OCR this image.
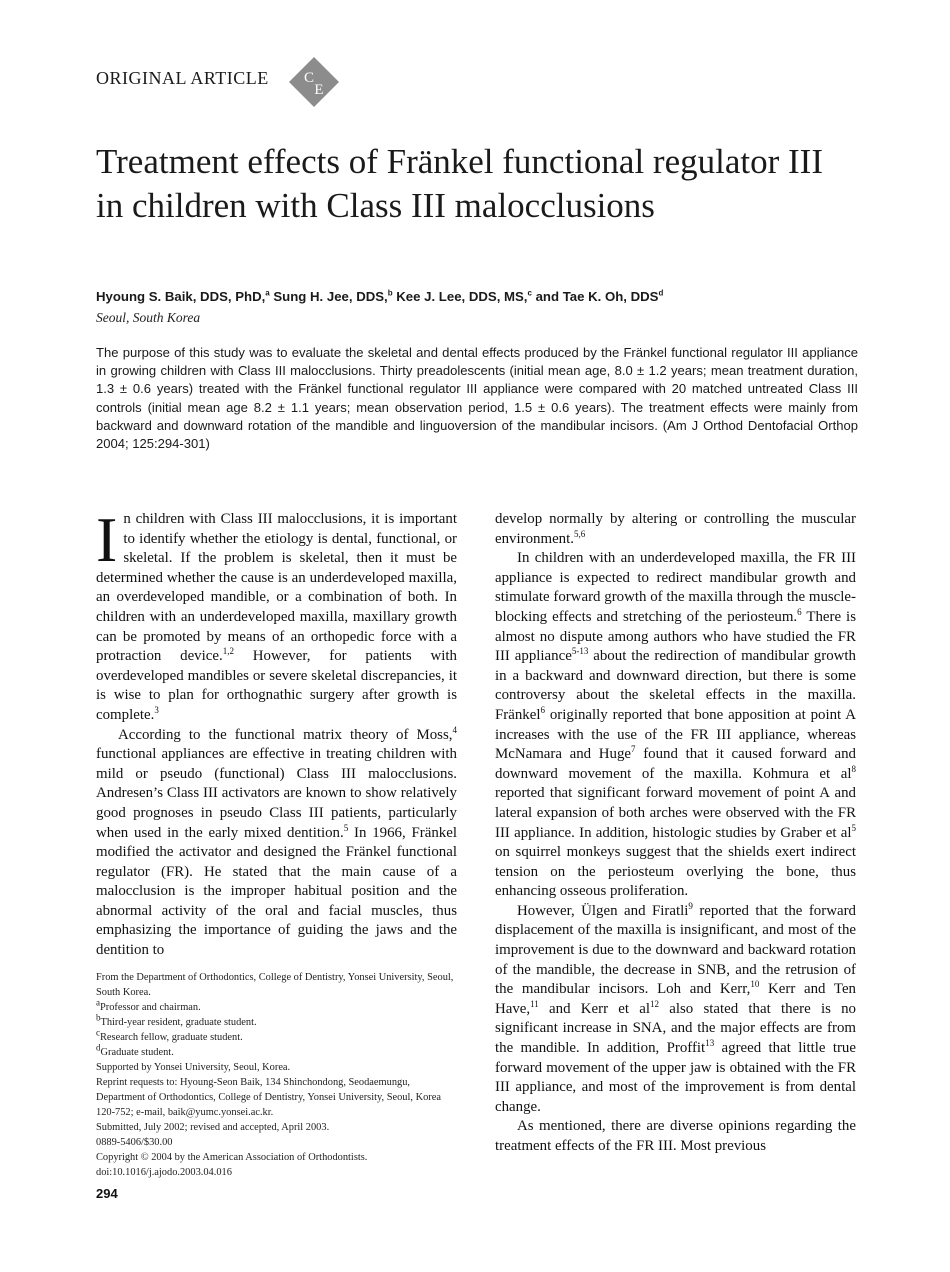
ORIGINAL ARTICLE C
E
Treatment effects of Fränkel functional regulator III in children with Class III malocclusions
Hyoung S. Baik, DDS, PhD,$^a$ Sung H. Jee, DDS,$^b$ Kee J. Lee, DDS, MS,$^c$ and Tae K. Oh, DDS$^d$
Seoul, South Korea
The purpose of this study was to evaluate the skeletal and dental effects produced by the Fränkel functional regulator III appliance in growing children with Class III malocclusions. Thirty preadolescents (initial mean age, 8.0 ± 1.2 years; mean treatment duration, 1.3 ± 0.6 years) treated with the Fränkel functional regulator III appliance were compared with 20 matched untreated Class III controls (initial mean age 8.2 ± 1.1 years; mean observation period, 1.5 ± 0.6 years). The treatment effects were mainly from backward and downward rotation of the mandible and linguoversion of the mandibular incisors. (Am J Orthod Dentofacial Orthop 2004; 125:294-301)

In children with Class III malocclusions, it is important to identify whether the etiology is dental, functional, or skeletal. If the problem is skeletal, then it must be determined whether the cause is an underdeveloped maxilla, an overdeveloped mandible, or a combination of both. In children with an underdeveloped maxilla, maxillary growth can be promoted by means of an orthopedic force with a protraction device.$^{1,2}$ However, for patients with overdeveloped mandibles or severe skeletal discrepancies, it is wise to plan for orthognathic surgery after growth is complete.$^3$

According to the functional matrix theory of Moss,$^4$ functional appliances are effective in treating children with mild or pseudo (functional) Class III malocclusions. Andresen’s Class III activators are known to show relatively good prognoses in pseudo Class III patients, particularly when used in the early mixed dentition.$^5$ In 1966, Fränkel modified the activator and designed the Fränkel functional regulator (FR). He stated that the main cause of a malocclusion is the improper habitual position and the abnormal activity of the oral and facial muscles, thus emphasizing the importance of guiding the jaws and the dentition to

From the Department of Orthodontics, College of Dentistry, Yonsei University, Seoul, South Korea.
$^a$Professor and chairman.
$^b$Third-year resident, graduate student.
$^c$Research fellow, graduate student.
$^d$Graduate student.
Supported by Yonsei University, Seoul, Korea.
Reprint requests to: Hyoung-Seon Baik, 134 Shinchondong, Seodaemungu, Department of Orthodontics, College of Dentistry, Yonsei University, Seoul, Korea 120-752; e-mail, baik@yumc.yonsei.ac.kr.
Submitted, July 2002; revised and accepted, April 2003.
0889-5406/$30.00
Copyright © 2004 by the American Association of Orthodontists.
doi:10.1016/j.ajodo.2003.04.016

develop normally by altering or controlling the muscular environment.$^{5,6}$

In children with an underdeveloped maxilla, the FR III appliance is expected to redirect mandibular growth and stimulate forward growth of the maxilla through the muscle-blocking effects and stretching of the periosteum.$^6$ There is almost no dispute among authors who have studied the FR III appliance$^{5-13}$ about the redirection of mandibular growth in a backward and downward direction, but there is some controversy about the skeletal effects in the maxilla. Fränkel$^6$ originally reported that bone apposition at point A increases with the use of the FR III appliance, whereas McNamara and Huge$^7$ found that it caused forward and downward movement of the maxilla. Kohmura et $al^8$ reported that significant forward movement of point A and lateral expansion of both arches were observed with the FR III appliance. In addition, histologic studies by Graber et $al^5$ on squirrel monkeys suggest that the shields exert indirect tension on the periosteum overlying the bone, thus enhancing osseous proliferation.

However, Ülgen and Firatli$^9$ reported that the forward displacement of the maxilla is insignificant, and most of the improvement is due to the downward and backward rotation of the mandible, the decrease in SNB, and the retrusion of the mandibular incisors. Loh and Kerr,$^{10}$ Kerr and Ten Have,$^{11}$ and Kerr et $al^{12}$ also stated that there is no significant increase in SNA, and the major effects are from the mandible. In addition, Proffit$^{13}$ agreed that little true forward movement of the upper jaw is obtained with the FR III appliance, and most of the improvement is from dental change.

As mentioned, there are diverse opinions regarding the treatment effects of the FR III. Most previous

294
